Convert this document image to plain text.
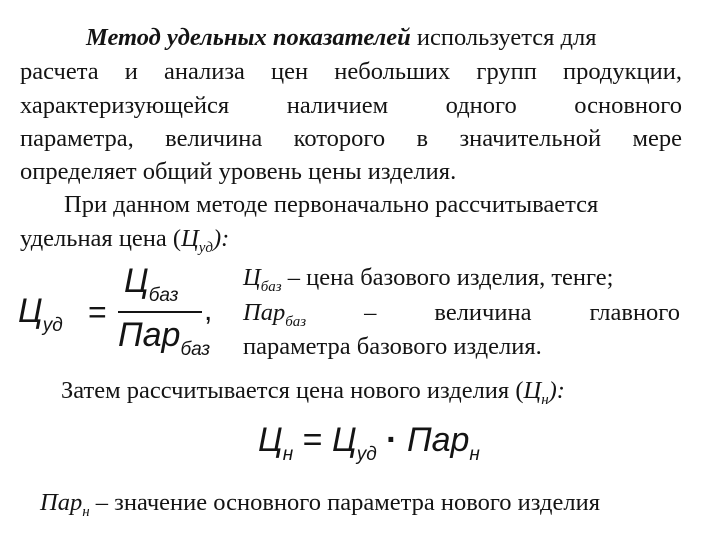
Метод удельных показателей используется для
расчета и анализа цен небольших групп продукции,
характеризующейся наличием одного основного
параметра, величина которого в значительной мере
определяет общий уровень цены изделия.
При данном методе первоначально рассчитывается
удельная цена $(Ц_{уд})$:
$Ц_{уд}$ =
$Ц_{баз}$
Пар$_{баз}$
,
$Ц_{баз}$ – цена базового изделия, тенге;
Пар$_{баз}$ – величина главного
параметра базового изделия.
Затем рассчитывается цена нового изделия $(Ц_н)$:
$Ц_н = Ц_{уд} \cdot Пар_н$
Пар$_н$ – значение основного параметра нового изделия
